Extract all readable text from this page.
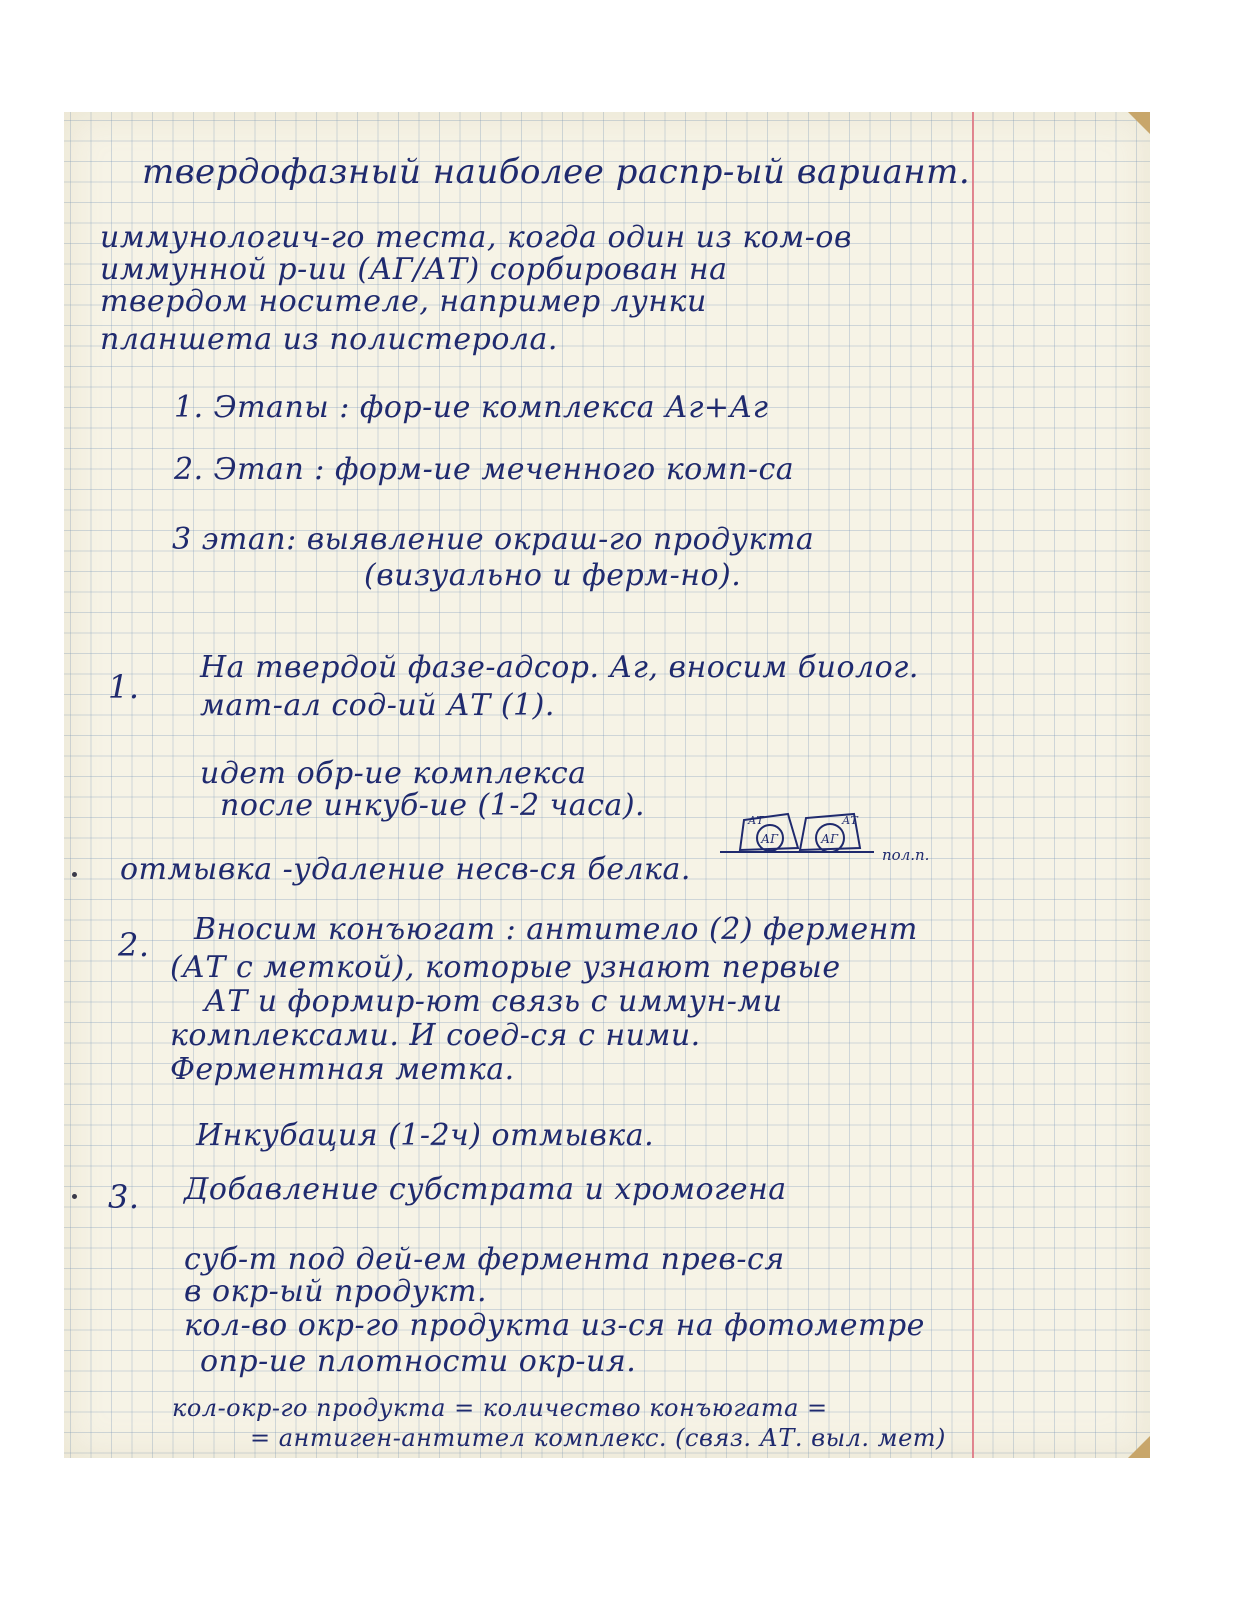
твердофазный наиболее распр-ый вариант.
иммунологич-го теста, когда один из ком-ов
иммунной р-ии (АГ/АТ) сорбирован на
твердом носителе, например лунки
планшета из полистерола.
1. Этапы : фор-ие комплекса Аг+Аг
2. Этап : форм-ие меченного комп-са
3 этап: выявление окраш-го продукта
(визуально и ферм-но).
1.
На твердой фазе-адсор. Аг, вносим биолог.
мат-ал сод-ий АТ (1).
идет обр-ие комплекса
после инкуб-ие (1-2 часа).	АТ
АГ
АТ
АГ
пол.п.
отмывка -удаление несв-ся белка.
2. Вносим конъюгат : антитело (2) фермент
(АТ с меткой), которые узнают первые
АТ и формир-ют связь с иммун-ми
комплексами. И соед-ся с ними.
Ферментная метка.
Инкубация (1-2ч) отмывка.
3. Добавление субстрата и хромогена
суб-т под дей-ем фермента прев-ся
в окр-ый продукт.
кол-во окр-го продукта из-ся на фотометре
опр-ие плотности окр-ия.
кол-окр-го продукта = количество конъюгата =
= антиген-антител комплекс. (связ. АТ. выл. мет)
